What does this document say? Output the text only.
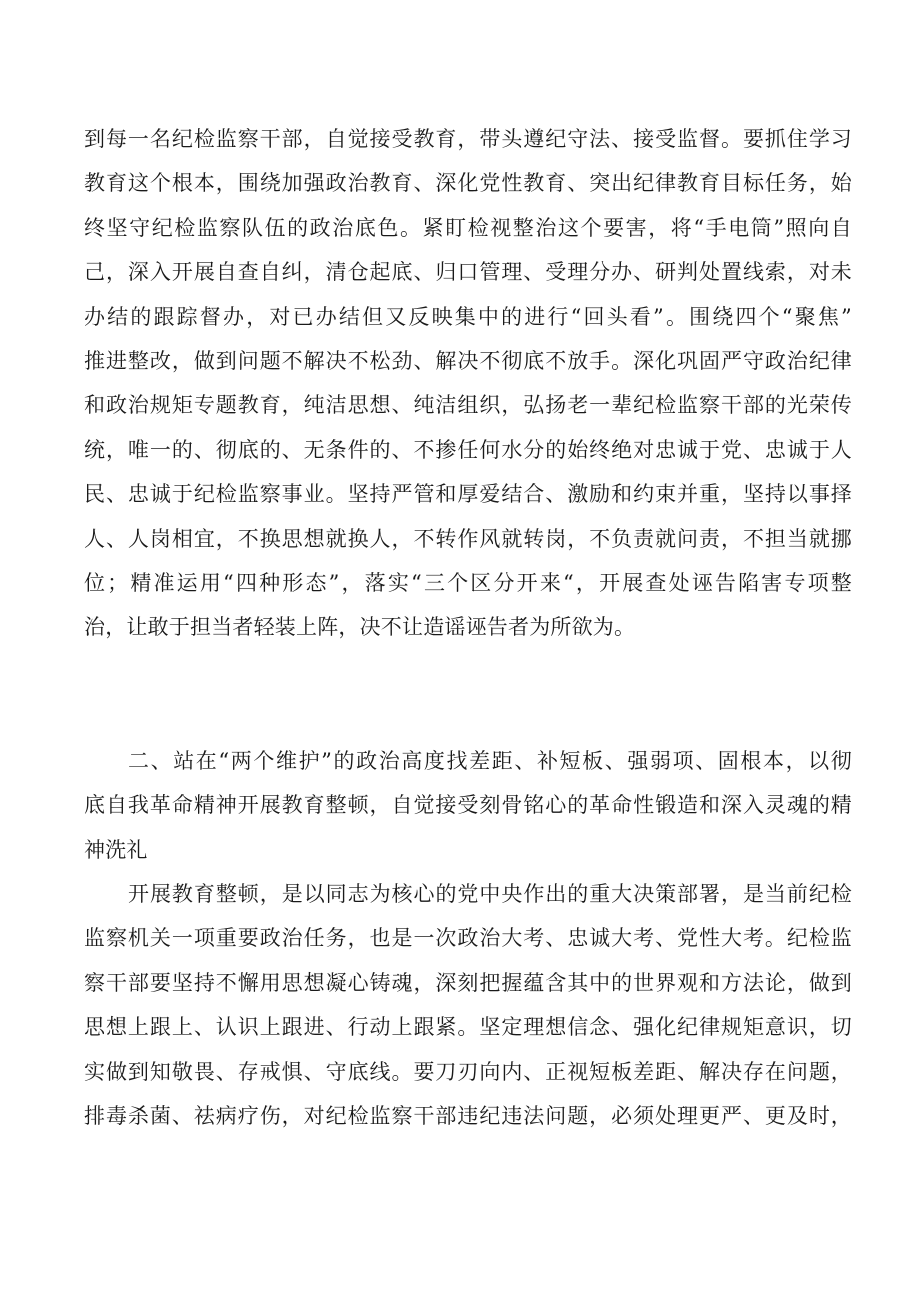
到每一名纪检监察干部，自觉接受教育，带头遵纪守法、接受监督。要抓住学习
教育这个根本，围绕加强政治教育、深化党性教育、突出纪律教育目标任务，始
终坚守纪检监察队伍的政治底色。紧盯检视整治这个要害，将“手电筒”照向自
己，深入开展自查自纠，清仓起底、归口管理、受理分办、研判处置线索，对未
办结的跟踪督办，对已办结但又反映集中的进行“回头看”。围绕四个“聚焦”
推进整改，做到问题不解决不松劲、解决不彻底不放手。深化巩固严守政治纪律
和政治规矩专题教育，纯洁思想、纯洁组织，弘扬老一辈纪检监察干部的光荣传
统，唯一的、彻底的、无条件的、不掺任何水分的始终绝对忠诚于党、忠诚于人
民、忠诚于纪检监察事业。坚持严管和厚爱结合、激励和约束并重，坚持以事择
人、人岗相宜，不换思想就换人，不转作风就转岗，不负责就问责，不担当就挪
位；精准运用“四种形态”，落实“三个区分开来“，开展查处诬告陷害专项整
治，让敢于担当者轻装上阵，决不让造谣诬告者为所欲为。
二、站在“两个维护”的政治高度找差距、补短板、强弱项、固根本，以彻
底自我革命精神开展教育整顿，自觉接受刻骨铭心的革命性锻造和深入灵魂的精
神洗礼
开展教育整顿，是以同志为核心的党中央作出的重大决策部署，是当前纪检
监察机关一项重要政治任务，也是一次政治大考、忠诚大考、党性大考。纪检监
察干部要坚持不懈用思想凝心铸魂，深刻把握蕴含其中的世界观和方法论，做到
思想上跟上、认识上跟进、行动上跟紧。坚定理想信念、强化纪律规矩意识，切
实做到知敬畏、存戒惧、守底线。要刀刃向内、正视短板差距、解决存在问题，
排毒杀菌、祛病疗伤，对纪检监察干部违纪违法问题，必须处理更严、更及时，
